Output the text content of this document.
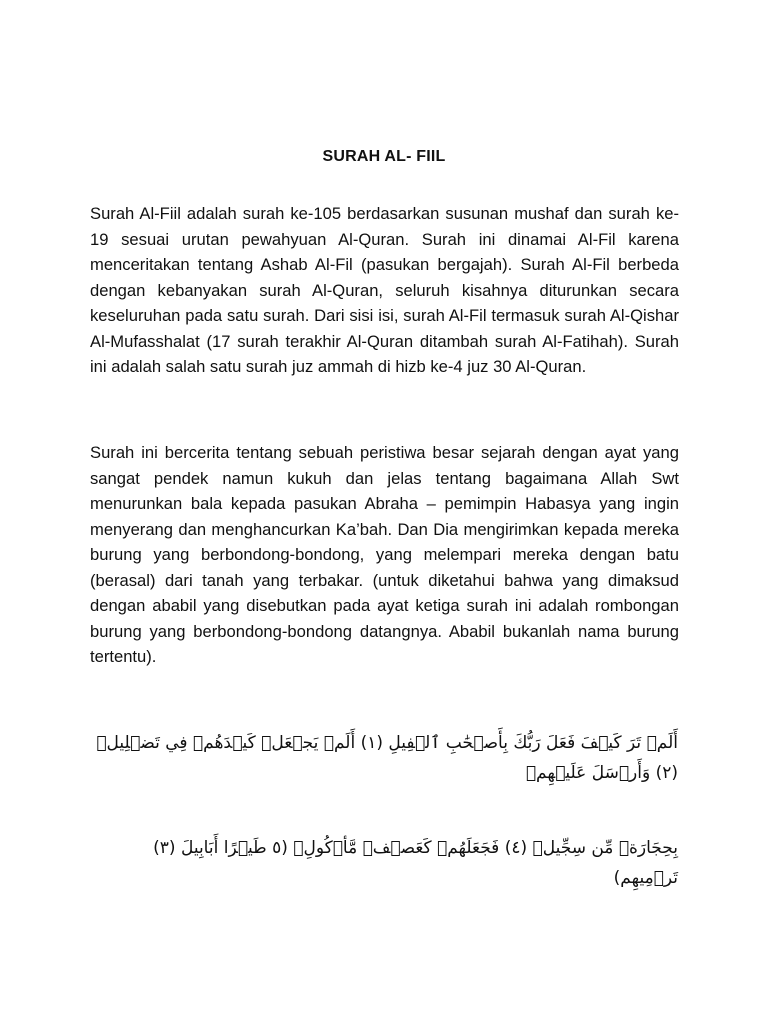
SURAH AL- FIIL

Surah Al-Fiil adalah surah ke-105 berdasarkan susunan mushaf dan surah ke-19 sesuai urutan pewahyuan Al-Quran. Surah ini dinamai Al-Fil karena menceritakan tentang Ashab Al-Fil (pasukan bergajah). Surah Al-Fil berbeda dengan kebanyakan surah Al-Quran, seluruh kisahnya diturunkan secara keseluruhan pada satu surah. Dari sisi isi, surah Al-Fil termasuk surah Al-Qishar Al-Mufasshalat (17 surah terakhir Al-Quran ditambah surah Al-Fatihah). Surah ini adalah salah satu surah juz ammah di hizb ke-4 juz 30 Al-Quran.

Surah ini bercerita tentang sebuah peristiwa besar sejarah dengan ayat yang sangat pendek namun kukuh dan jelas tentang bagaimana Allah Swt menurunkan bala kepada pasukan Abraha – pemimpin Habasya yang ingin menyerang dan menghancurkan Ka’bah. Dan Dia mengirimkan kepada mereka burung yang berbondong-bondong, yang melempari mereka dengan batu (berasal) dari tanah yang terbakar. (untuk diketahui bahwa yang dimaksud dengan ababil yang disebutkan pada ayat ketiga surah ini adalah rombongan burung yang berbondong-bondong datangnya. Ababil bukanlah nama burung tertentu).

أَلَمۡ تَرَ كَيۡفَ فَعَلَ رَبُّكَ بِأَصۡحَٰبِ ٱلۡفِيلِ (١) أَلَمۡ يَجۡعَلۡ كَيۡدَهُمۡ فِي تَضۡلِيلٖ (٢) وَأَرۡسَلَ عَلَيۡهِمۡ

بِحِجَارَةٖ مِّن سِجِّيلٖ (٤) فَجَعَلَهُمۡ كَعَصۡفٖ مَّأۡكُولِۢ (٥ طَيۡرًا أَبَابِيلَ (٣) تَرۡمِيهِم)
